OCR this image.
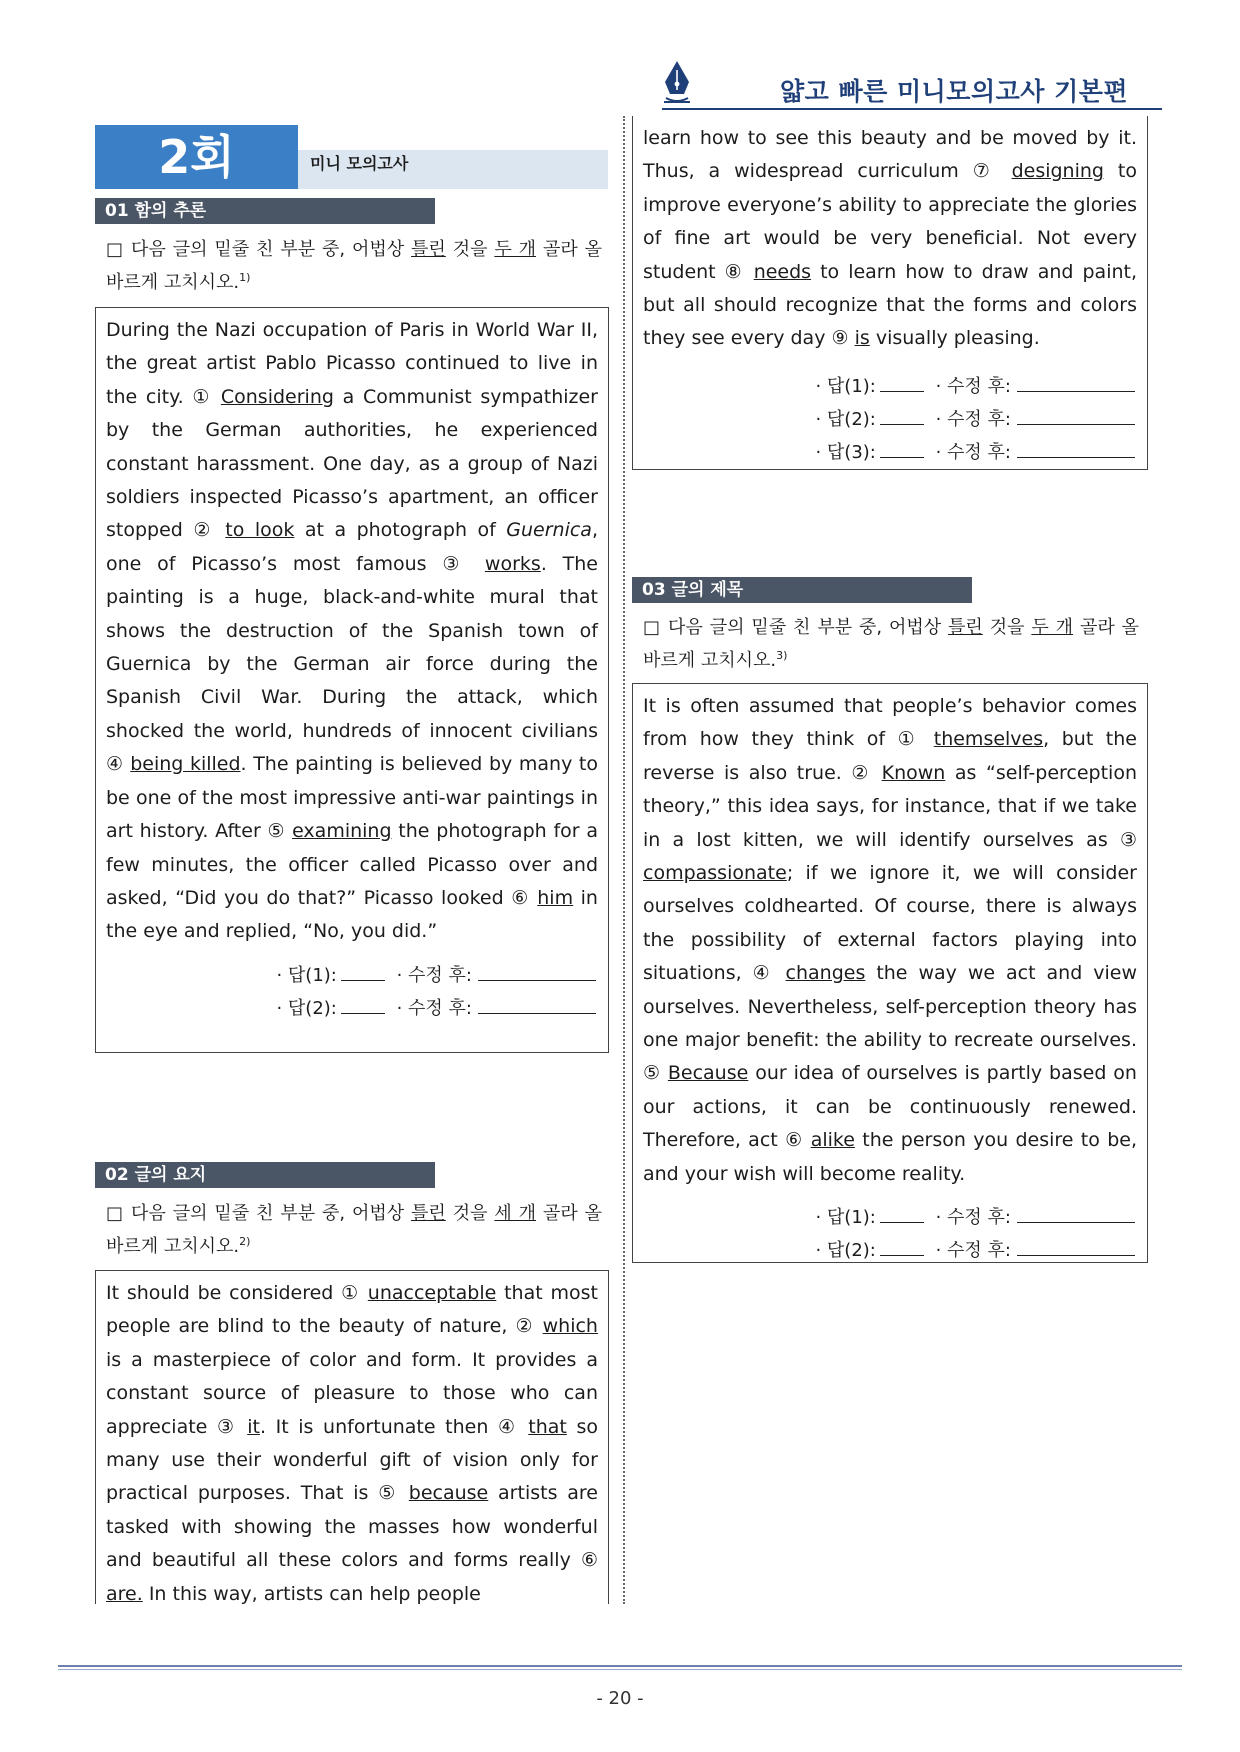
얇고 빠른 미니모의고사 기본편
2회	미니 모의고사
01 함의 추론
□ 다음 글의 밑줄 친 부분 중, 어법상 틀린 것을 두 개 골라 올바르게 고치시오.$^{1)}$
During the Nazi occupation of Paris in World War II, the great artist Pablo Picasso continued to live in the city. ① Considering a Communist sympathizer by the German authorities, he experienced constant harassment. One day, as a group of Nazi soldiers inspected Picasso’s apartment, an officer stopped ② to look at a photograph of Guernica, one of Picasso’s most famous ③ works. The painting is a huge, black-and-white mural that shows the destruction of the Spanish town of Guernica by the German air force during the Spanish Civil War. During the attack, which shocked the world, hundreds of innocent civilians ④ being killed. The painting is believed by many to be one of the most impressive anti-war paintings in art history. After ⑤ examining the photograph for a few minutes, the officer called Picasso over and asked, “Did you do that?” Picasso looked ⑥ him in the eye and replied, “No, you did.”
· 답(1):	· 수정 후:
· 답(2):	· 수정 후:
02 글의 요지
□ 다음 글의 밑줄 친 부분 중, 어법상 틀린 것을 세 개 골라 올바르게 고치시오.$^{2)}$
It should be considered ① unacceptable that most people are blind to the beauty of nature, ② which is a masterpiece of color and form. It provides a constant source of pleasure to those who can appreciate ③ it. It is unfortunate then ④ that so many use their wonderful gift of vision only for practical purposes. That is ⑤ because artists are tasked with showing the masses how wonderful and beautiful all these colors and forms really ⑥ are. In this way, artists can help people
learn how to see this beauty and be moved by it. Thus, a widespread curriculum ⑦ designing to improve everyone’s ability to appreciate the glories of fine art would be very beneficial. Not every student ⑧ needs to learn how to draw and paint, but all should recognize that the forms and colors they see every day ⑨ is visually pleasing.
· 답(1):	· 수정 후:
· 답(2):	· 수정 후:
· 답(3):	· 수정 후:
03 글의 제목
□ 다음 글의 밑줄 친 부분 중, 어법상 틀린 것을 두 개 골라 올바르게 고치시오.$^{3)}$
It is often assumed that people’s behavior comes from how they think of ① themselves, but the reverse is also true. ② Known as “self-perception theory,” this idea says, for instance, that if we take in a lost kitten, we will identify ourselves as ③ compassionate; if we ignore it, we will consider ourselves coldhearted. Of course, there is always the possibility of external factors playing into situations, ④ changes the way we act and view ourselves. Nevertheless, self-perception theory has one major benefit: the ability to recreate ourselves. ⑤ Because our idea of ourselves is partly based on our actions, it can be continuously renewed. Therefore, act ⑥ alike the person you desire to be, and your wish will become reality.
· 답(1):	· 수정 후:
· 답(2):	· 수정 후:
- 20 -
